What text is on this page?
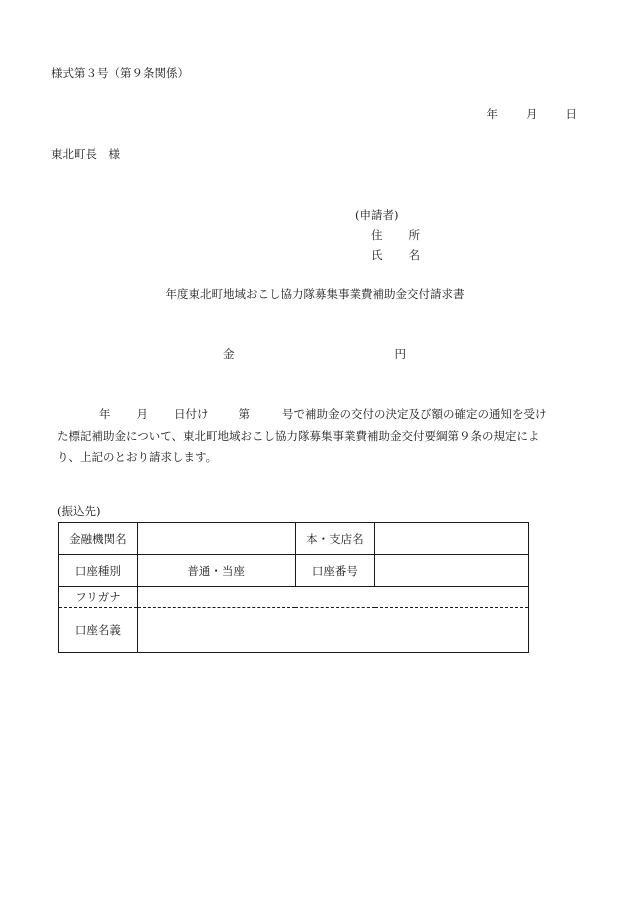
様式第３号（第９条関係）
年 月 日
東北町長　様
(申請者)
住 所
氏 名
年度東北町地域おこし協力隊募集事業費補助金交付請求書
金	円

年 月 日付け	第	号で補助金の交付の決定及び額の確定の通知を受け

た標記補助金について、東北町地域おこし協力隊募集事業費補助金交付要綱第９条の規定によ

り、上記のとおり請求します。

(振込先)
金融機関名		本・支店名	
口座種別	普通・当座	口座番号	
フリガナ			
口座名義			
